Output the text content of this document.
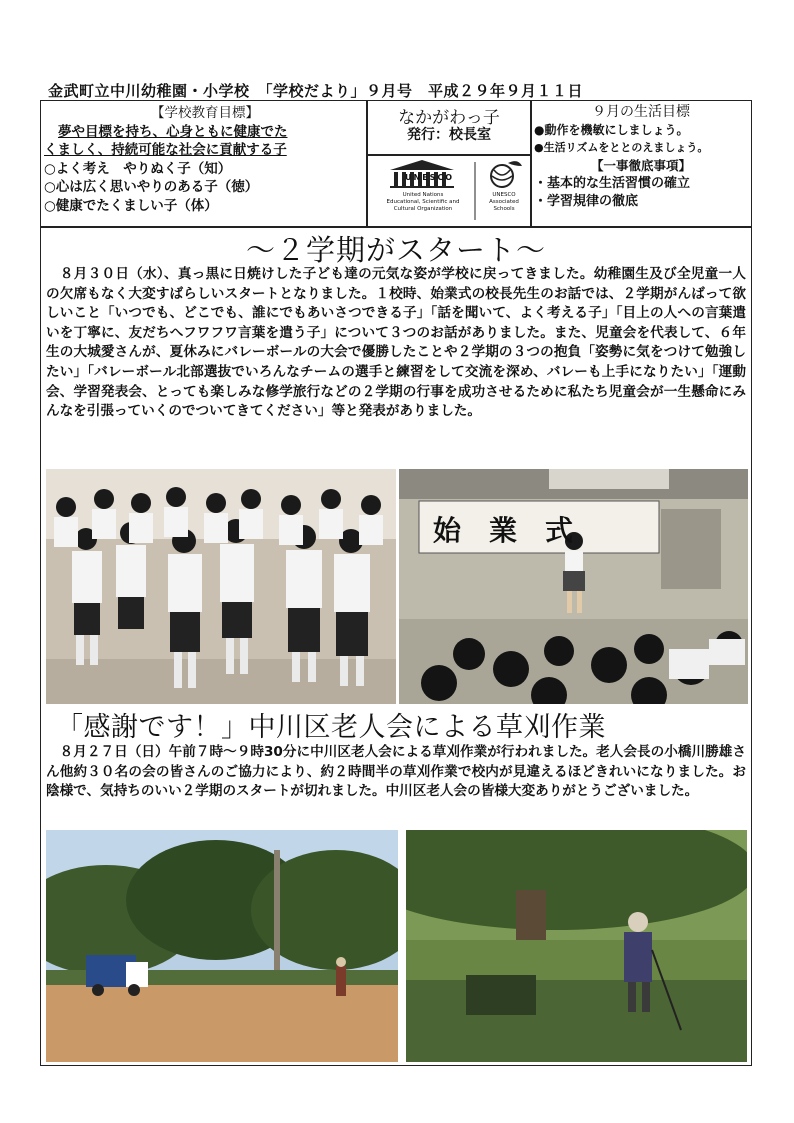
金武町立中川幼稚園・小学校　「学校だより」９月号　平成２９年９月１１日
【学校教育目標】
夢や目標を持ち、心身ともに健康でた
くましく、持続可能な社会に貢献する子
○よく考え　やりぬく子（知）
○心は広く思いやりのある子（徳）
○健康でたくましい子（体）
なかがわっ子
発行：校長室
UNESCO
United Nations
Educational, Scientific and
Cultural Organization
UNESCO
Associated
Schools
９月の生活目標
●動作を機敏にしましょう。
●生活リズムをととのえましょう。
【一事徹底事項】
・基本的な生活習慣の確立
・学習規律の徹底
～２学期がスタート～
　８月３０日（水）、真っ黒に日焼けした子ども達の元気な姿が学校に戻ってきました。幼稚園生及び全児童一人の欠席もなく大変すばらしいスタートとなりました。１校時、始業式の校長先生のお話では、２学期がんばって欲しいこと「いつでも、どこでも、誰にでもあいさつできる子」「話を聞いて、よく考える子」「目上の人への言葉遣いを丁寧に、友だちへフワフワ言葉を遣う子」について３つのお話がありました。また、児童会を代表して、６年生の大城愛さんが、夏休みにバレーボールの大会で優勝したことや２学期の３つの抱負「姿勢に気をつけて勉強したい」「バレーボール北部選抜でいろんなチームの選手と練習をして交流を深め、バレーも上手になりたい」「運動会、学習発表会、とっても楽しみな修学旅行などの２学期の行事を成功させるために私たち児童会が一生懸命にみんなを引張っていくのでついてきてください」等と発表がありました。
始　業　式
「感謝です！」中川区老人会による草刈作業
　８月２７日（日）午前７時～９時30分に中川区老人会による草刈作業が行われました。老人会長の小橋川勝雄さん他約３０名の会の皆さんのご協力により、約２時間半の草刈作業で校内が見違えるほどきれいになりました。お陰様で、気持ちのいい２学期のスタートが切れました。中川区老人会の皆様大変ありがとうございました。
